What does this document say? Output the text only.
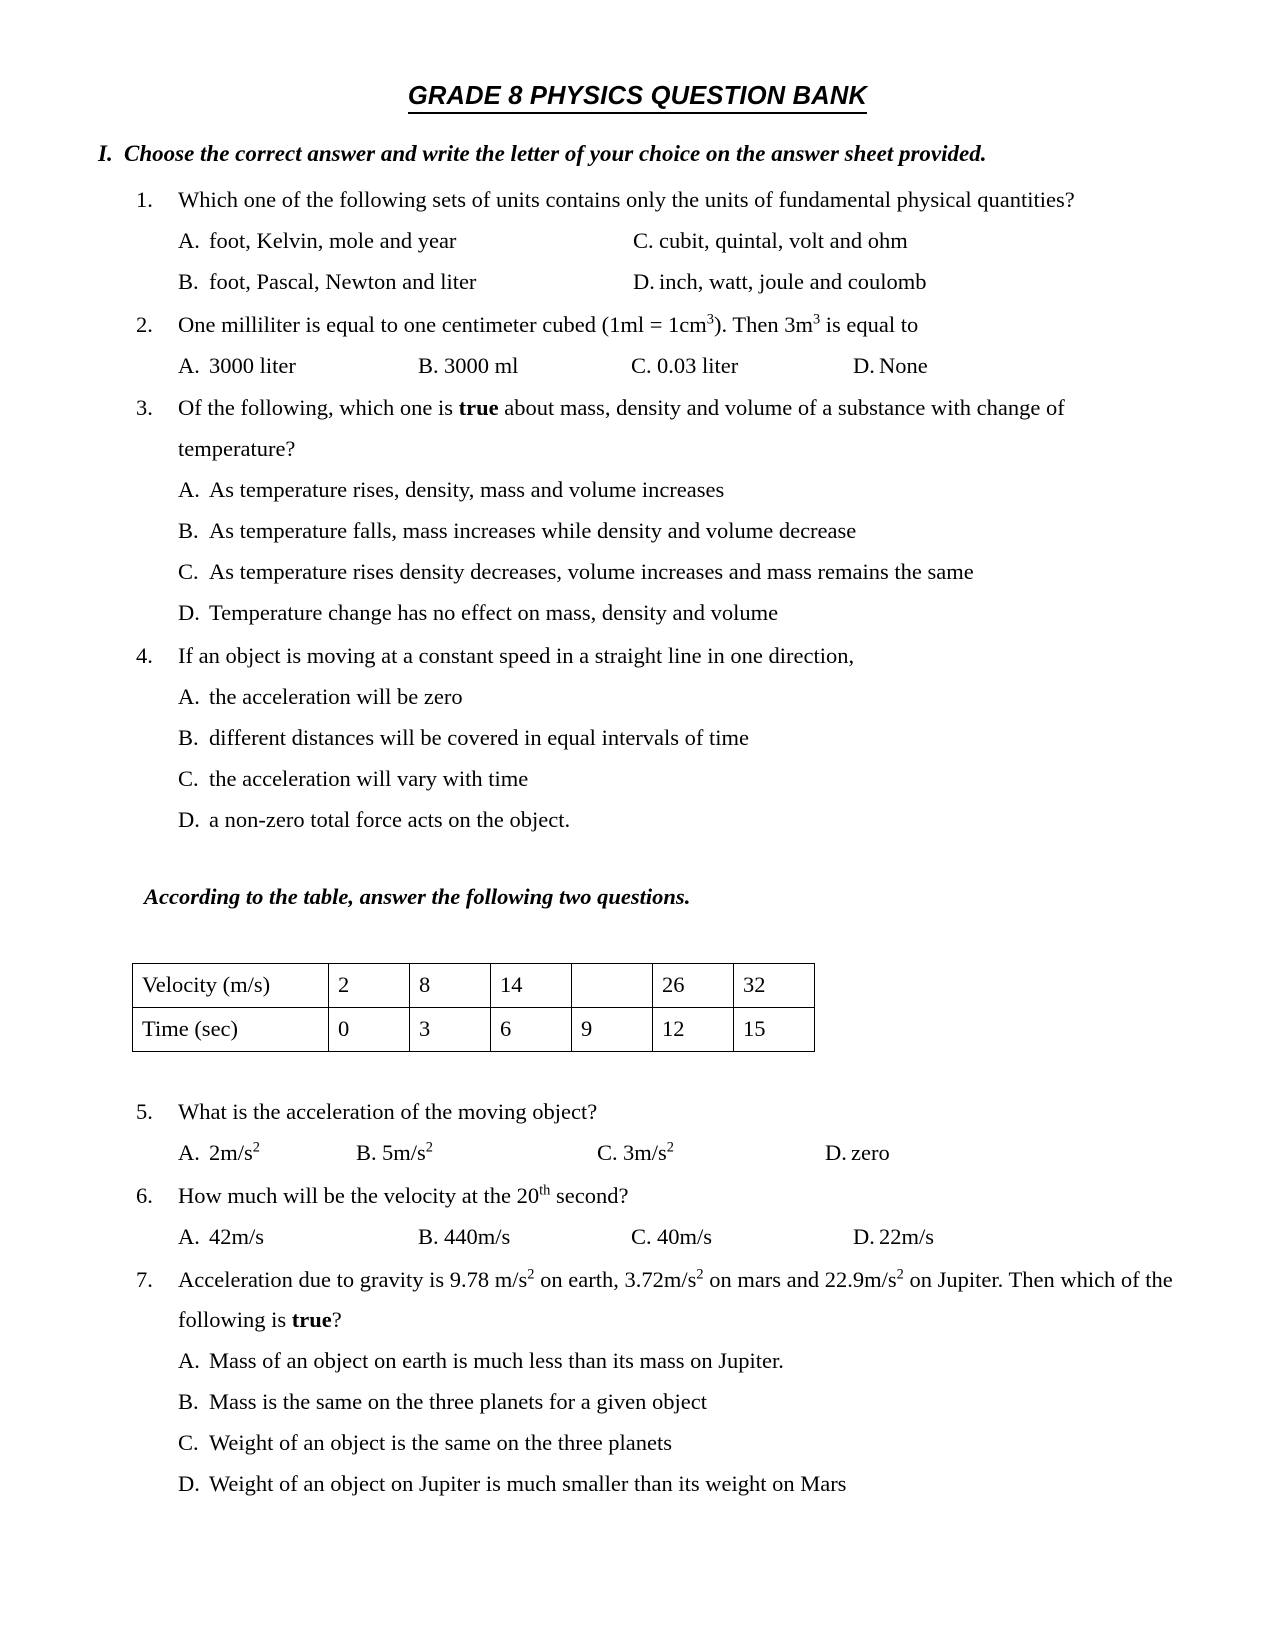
GRADE 8 PHYSICS QUESTION BANK
I. Choose the correct answer and write the letter of your choice on the answer sheet provided.
1.	Which one of the following sets of units contains only the units of fundamental physical quantities?
A. foot, Kelvin, mole and year	C. cubit, quintal, volt and ohm
B. foot, Pascal, Newton and liter	D. inch, watt, joule and coulomb
2.	One milliliter is equal to one centimeter cubed $(1ml = 1cm^3)$. Then $3m^3$ is equal to
A. 3000 liter	B. 3000 ml	C. 0.03 liter	D. None
3.	Of the following, which one is true about mass, density and volume of a substance with change of temperature?
A. As temperature rises, density, mass and volume increases
B. As temperature falls, mass increases while density and volume decrease
C. As temperature rises density decreases, volume increases and mass remains the same
D. Temperature change has no effect on mass, density and volume
4.	If an object is moving at a constant speed in a straight line in one direction,
A. the acceleration will be zero
B. different distances will be covered in equal intervals of time
C. the acceleration will vary with time
D. a non-zero total force acts on the object.
According to the table, answer the following two questions.
Velocity (m/s)	2	8	14		26	32
Time (sec)	0	3	6	9	12	15
5.	What is the acceleration of the moving object?
A. $2m/s^2$	B. $5m/s^2$	C. $3m/s^2$	D. zero
6.	How much will be the velocity at the 20th second?
A. 42m/s	B. 440m/s	C. 40m/s	D. 22m/s
7.	Acceleration due to gravity is 9.78 $m/s^2$ on earth, $3.72m/s^2$ on mars and $22.9m/s^2$ on Jupiter. Then which of the following is true?
A. Mass of an object on earth is much less than its mass on Jupiter.
B. Mass is the same on the three planets for a given object
C. Weight of an object is the same on the three planets
D. Weight of an object on Jupiter is much smaller than its weight on Mars
